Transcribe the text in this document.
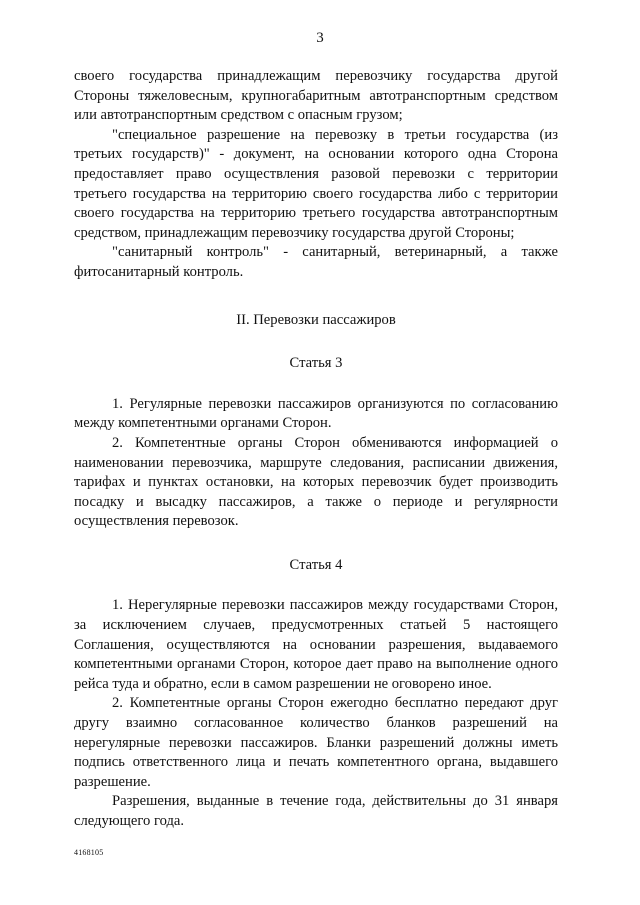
3

своего государства принадлежащим перевозчику государства другой Стороны тяжеловесным, крупногабаритным автотранспортным средством или автотранспортным средством с опасным грузом;

"специальное разрешение на перевозку в третьи государства (из третьих государств)" - документ, на основании которого одна Сторона предоставляет право осуществления разовой перевозки с территории третьего государства на территорию своего государства либо с территории своего государства на территорию третьего государства автотранспортным средством, принадлежащим перевозчику государства другой Стороны;

"санитарный контроль" - санитарный, ветеринарный, а также фитосанитарный контроль.

II. Перевозки пассажиров

Статья 3

1. Регулярные перевозки пассажиров организуются по согласованию между компетентными органами Сторон.

2. Компетентные органы Сторон обмениваются информацией о наименовании перевозчика, маршруте следования, расписании движения, тарифах и пунктах остановки, на которых перевозчик будет производить посадку и высадку пассажиров, а также о периоде и регулярности осуществления перевозок.

Статья 4

1. Нерегулярные перевозки пассажиров между государствами Сторон, за исключением случаев, предусмотренных статьей 5 настоящего Соглашения, осуществляются на основании разрешения, выдаваемого компетентными органами Сторон, которое дает право на выполнение одного рейса туда и обратно, если в самом разрешении не оговорено иное.

2. Компетентные органы Сторон ежегодно бесплатно передают друг другу взаимно согласованное количество бланков разрешений на нерегулярные перевозки пассажиров. Бланки разрешений должны иметь подпись ответственного лица и печать компетентного органа, выдавшего разрешение.

Разрешения, выданные в течение года, действительны до 31 января следующего года.

4168105
